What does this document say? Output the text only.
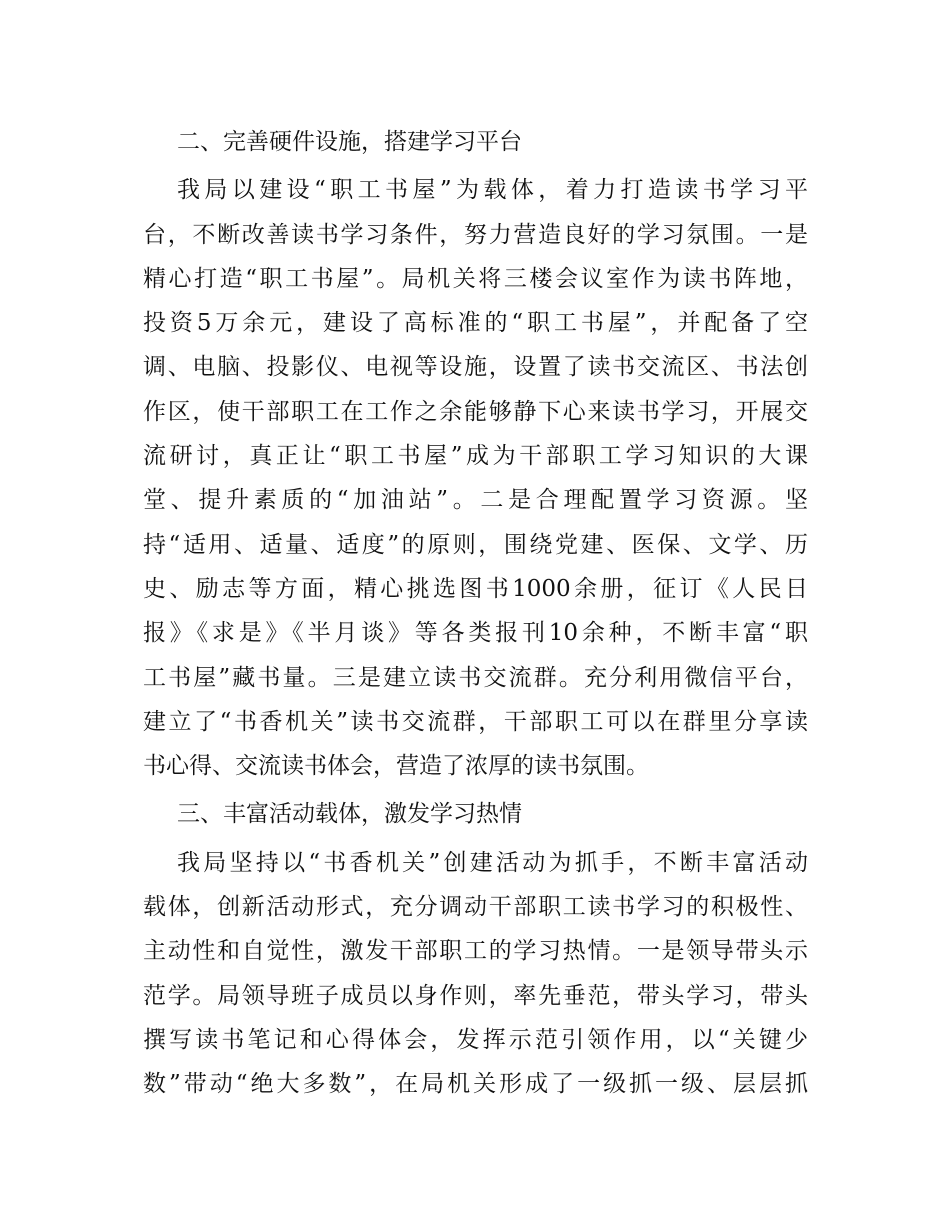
二、完善硬件设施，搭建学习平台
我局以建设“职工书屋”为载体，着力打造读书学习平
台，不断改善读书学习条件，努力营造良好的学习氛围。一是
精心打造“职工书屋”。局机关将三楼会议室作为读书阵地，
投资5万余元，建设了高标准的“职工书屋”，并配备了空
调、电脑、投影仪、电视等设施，设置了读书交流区、书法创
作区，使干部职工在工作之余能够静下心来读书学习，开展交
流研讨，真正让“职工书屋”成为干部职工学习知识的大课
堂、提升素质的“加油站”。二是合理配置学习资源。坚
持“适用、适量、适度”的原则，围绕党建、医保、文学、历
史、励志等方面，精心挑选图书1000余册，征订《人民日
报》《求是》《半月谈》等各类报刊10余种，不断丰富“职
工书屋”藏书量。三是建立读书交流群。充分利用微信平台，
建立了“书香机关”读书交流群，干部职工可以在群里分享读
书心得、交流读书体会，营造了浓厚的读书氛围。
三、丰富活动载体，激发学习热情
我局坚持以“书香机关”创建活动为抓手，不断丰富活动
载体，创新活动形式，充分调动干部职工读书学习的积极性、
主动性和自觉性，激发干部职工的学习热情。一是领导带头示
范学。局领导班子成员以身作则，率先垂范，带头学习，带头
撰写读书笔记和心得体会，发挥示范引领作用，以“关键少
数”带动“绝大多数”，在局机关形成了一级抓一级、层层抓
